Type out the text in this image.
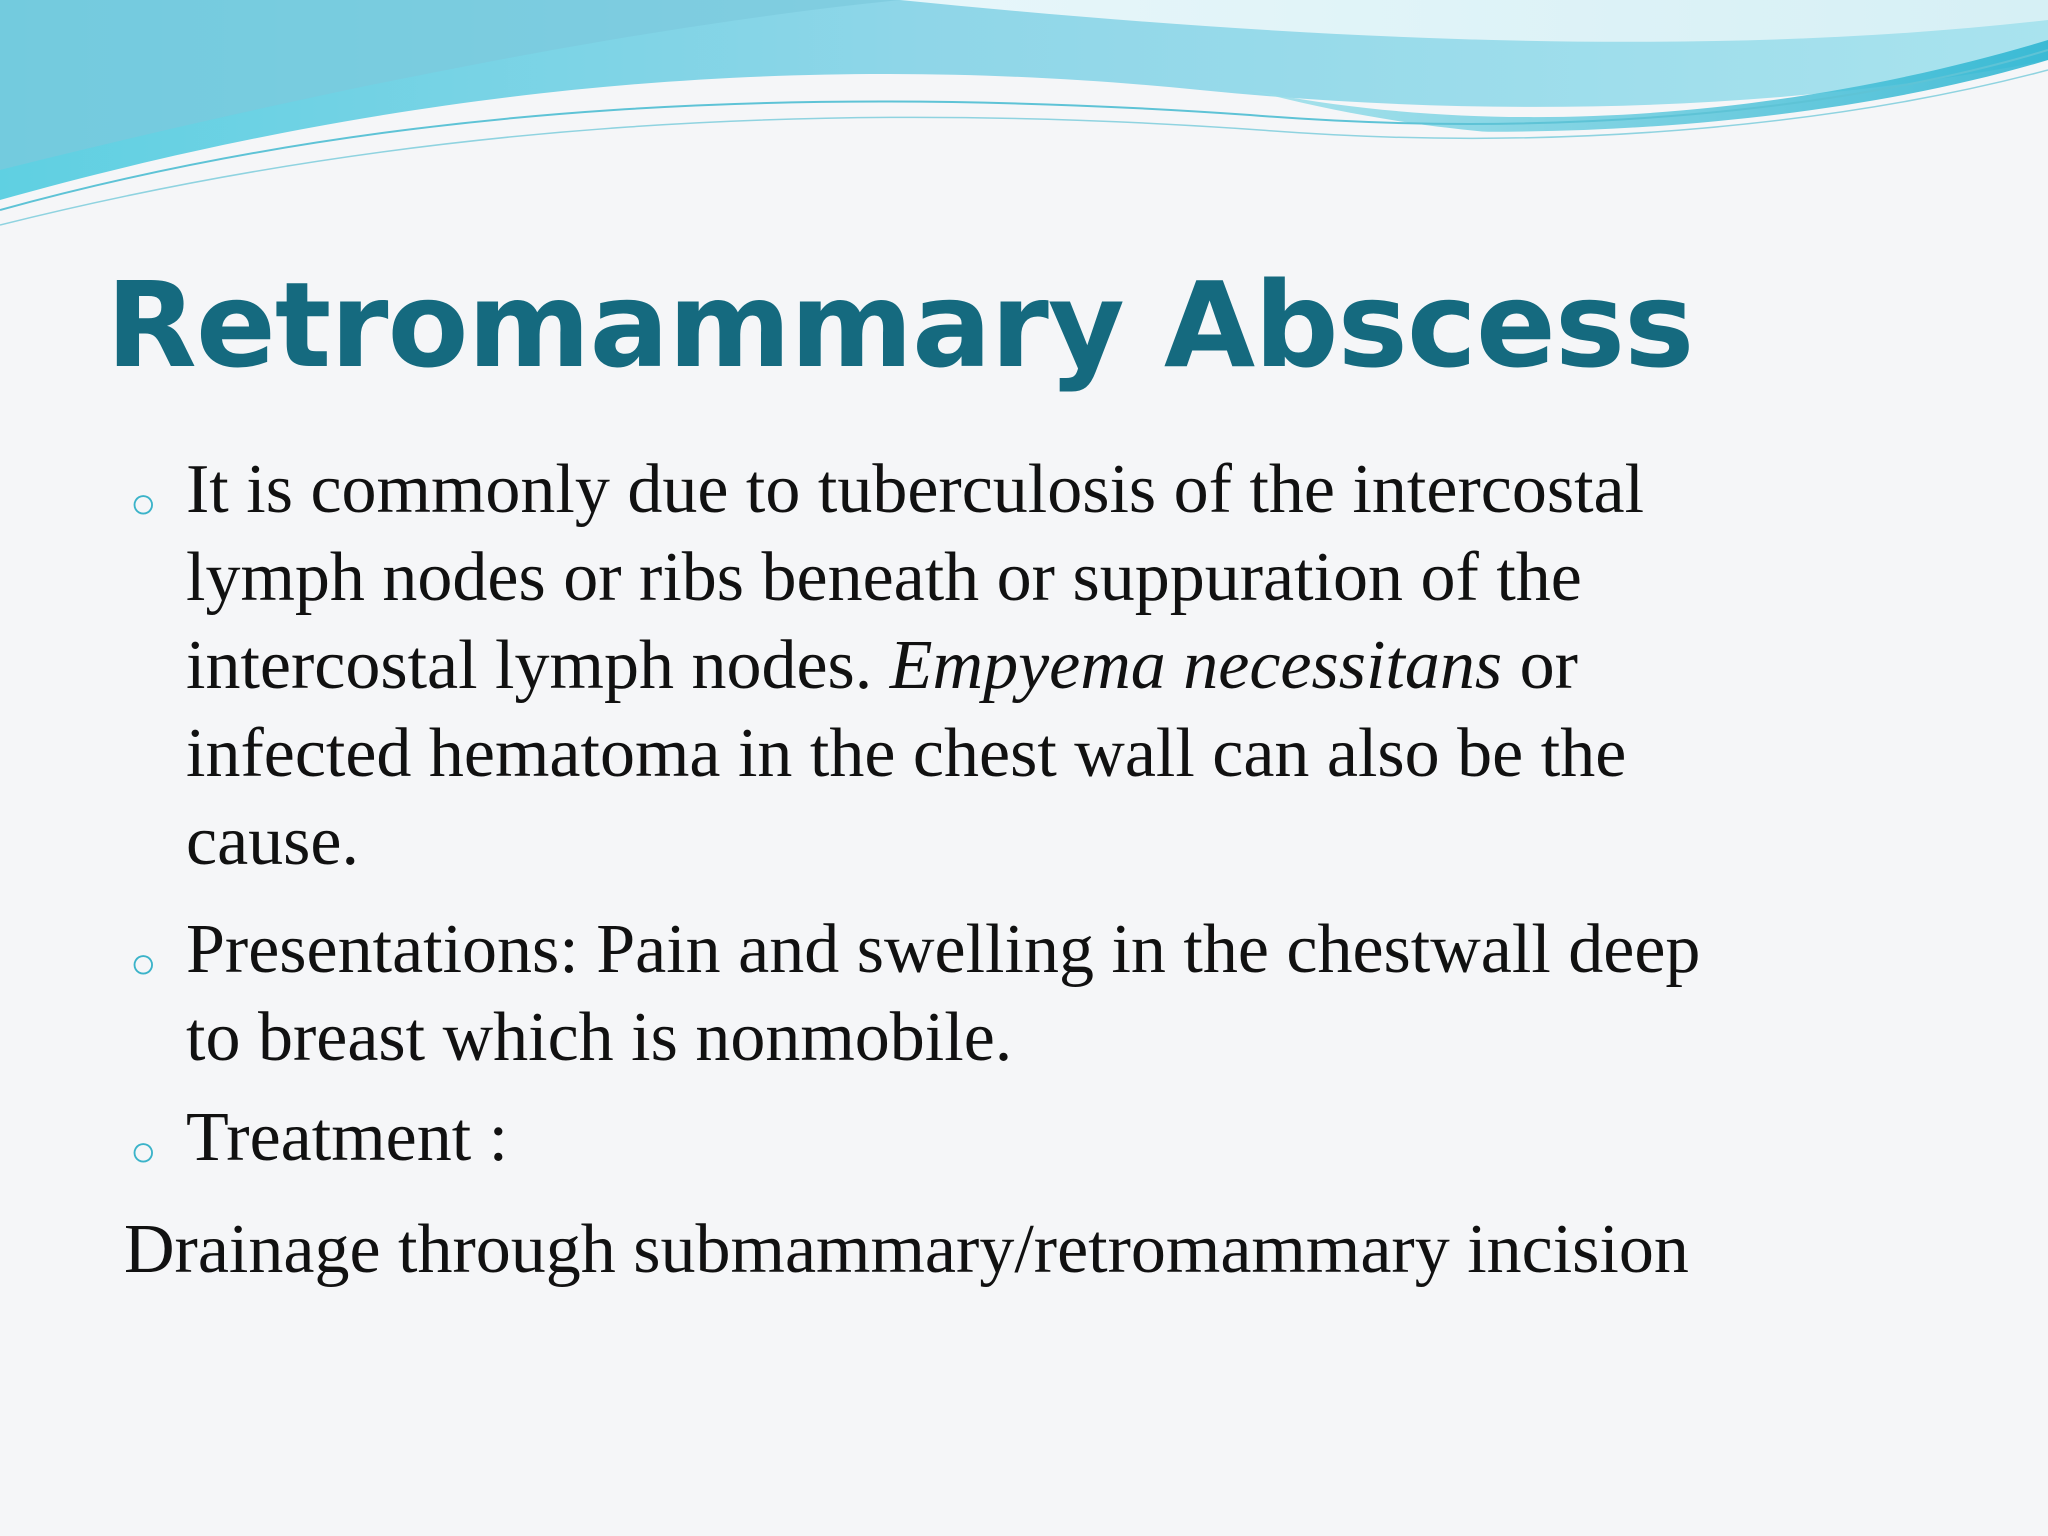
Retromammary Abscess
○ It is commonly due to tuberculosis of the intercostal
lymph nodes or ribs beneath or suppuration of the
intercostal lymph nodes. Empyema necessitans or
infected hematoma in the chest wall can also be the
cause.
○ Presentations: Pain and swelling in the chestwall deep
to breast which is nonmobile.
○ Treatment :
Drainage through submammary/retromammary incision
